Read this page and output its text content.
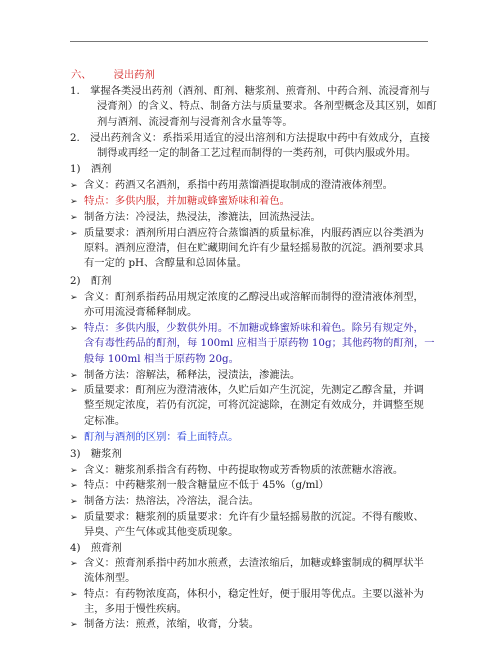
六、 浸出药剂
1.　掌握各类浸出药剂（酒剂、酊剂、糖浆剂、煎膏剂、中药合剂、流浸膏剂与
浸膏剂）的含义、特点、制备方法与质量要求。各剂型概念及其区别，如酊
剂与酒剂、流浸膏剂与浸膏剂含水量等等。
2.　浸出药剂含义：系指采用适宜的浸出溶剂和方法提取中药中有效成分，直接
制得或再经一定的制备工艺过程而制得的一类药剂，可供内服或外用。
1)　酒剂
➢ 含义：药酒又名酒剂，系指中药用蒸馏酒提取制成的澄清液体剂型。
➢ 特点：多供内服，并加糖或蜂蜜矫味和着色。
➢ 制备方法：冷浸法，热浸法，渗漉法，回流热浸法。
➢ 质量要求：酒剂所用白酒应符合蒸馏酒的质量标准，内服药酒应以谷类酒为
原料。酒剂应澄清，但在贮藏期间允许有少量轻摇易散的沉淀。酒剂要求具
有一定的 pH、含醇量和总固体量。
2)　酊剂
➢ 含义：酊剂系指药品用规定浓度的乙醇浸出或溶解而制得的澄清液体剂型，
亦可用流浸膏稀释制成。
➢ 特点：多供内服，少数供外用。不加糖或蜂蜜矫味和着色。除另有规定外，
含有毒性药品的酊剂，每 100ml 应相当于原药物 10g；其他药物的酊剂，一
般每 100ml 相当于原药物 20g。
➢ 制备方法：溶解法，稀释法，浸渍法，渗漉法。
➢ 质量要求：酊剂应为澄清液体，久贮后如产生沉淀，先测定乙醇含量，并调
整至规定浓度，若仍有沉淀，可将沉淀滤除，在测定有效成分，并调整至规
定标准。
➢ 酊剂与酒剂的区别：看上面特点。
3)　糖浆剂
➢ 含义：糖浆剂系指含有药物、中药提取物或芳香物质的浓蔗糖水溶液。
➢ 特点：中药糖浆剂一般含糖量应不低于 45%（g/ml）
➢ 制备方法：热溶法，冷溶法，混合法。
➢ 质量要求：糖浆剂的质量要求：允许有少量轻摇易散的沉淀。不得有酸败、
异臭、产生气体或其他变质现象。
4)　煎膏剂
➢ 含义：煎膏剂系指中药加水煎煮，去渣浓缩后，加糖或蜂蜜制成的稠厚状半
流体剂型。
➢ 特点：有药物浓度高，体积小，稳定性好，便于服用等优点。主要以滋补为
主，多用于慢性疾病。
➢ 制备方法：煎煮，浓缩，收膏，分装。
